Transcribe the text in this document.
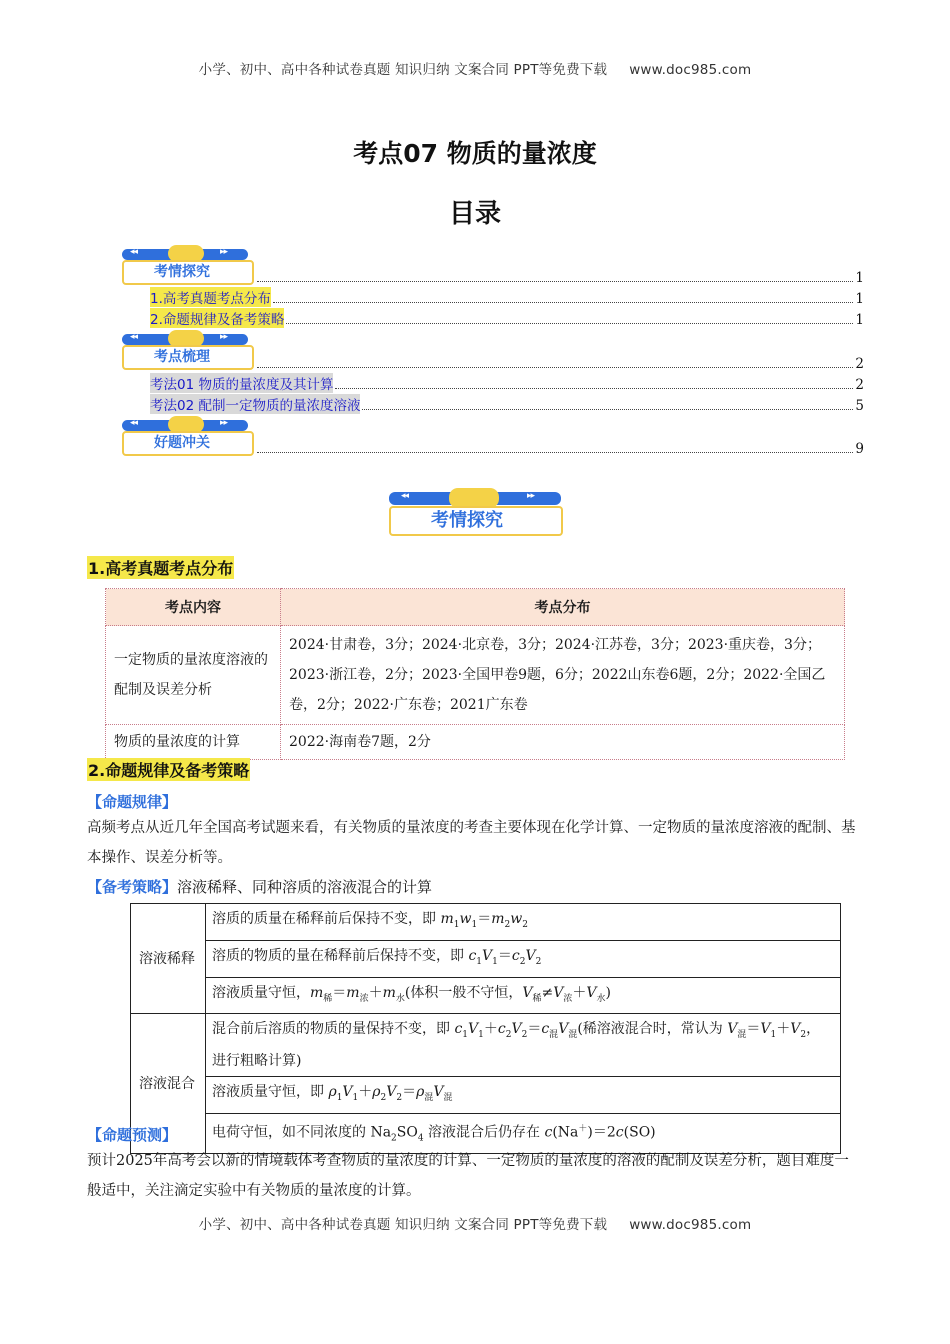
小学、初中、高中各种试卷真题 知识归纳 文案合同 PPT等免费下载 www.doc985.com
考点07 物质的量浓度
目录
◂◂	▸▸
考情探究	1
1.高考真题考点分布	1
2.命题规律及备考策略	1
◂◂	▸▸
考点梳理	2
考法01 物质的量浓度及其计算	2
考法02 配制一定物质的量浓度溶液	5
◂◂	▸▸
好题冲关	9
◂◂	▸▸
考情探究
1.高考真题考点分布
考点内容	考点分布
一定物质的量浓度溶液的配制及误差分析	2024·甘肃卷，3分；2024·北京卷，3分；2024·江苏卷，3分；2023·重庆卷，3分；2023·浙江卷，2分；2023·全国甲卷9题，6分；2022山东卷6题，2分；2022·全国乙卷，2分；2022·广东卷；2021广东卷
物质的量浓度的计算	2022·海南卷7题，2分
2.命题规律及备考策略
【命题规律】
高频考点从近几年全国高考试题来看，有关物质的量浓度的考查主要体现在化学计算、一定物质的量浓度溶液的配制、基本操作、误差分析等。
【备考策略】溶液稀释、同种溶质的溶液混合的计算
溶液稀释	溶质的质量在稀释前后保持不变，即 $m_1w_1=m_2w_2$
	溶质的物质的量在稀释前后保持不变，即 $c_1V_1=c_2V_2$
	溶液质量守恒，$m_稀=m_浓+m_水$(体积一般不守恒，$V_稀\ne V_浓+V_水$)
溶液混合	混合前后溶质的物质的量保持不变，即 $c_1V_1+c_2V_2=c_混V_混$(稀溶液混合时，常认为 $V_混=V_1+V_2$，进行粗略计算)
	溶液质量守恒，即 $\rho_1V_1+\rho_2V_2=\rho_混V_混$
	电荷守恒，如不同浓度的 $Na_2SO_4$ 溶液混合后仍存在 c(Na＋)＝2c(SO)
【命题预测】
预计2025年高考会以新的情境载体考查物质的量浓度的计算、一定物质的量浓度的溶液的配制及误差分析，题目难度一般适中，关注滴定实验中有关物质的量浓度的计算。
小学、初中、高中各种试卷真题 知识归纳 文案合同 PPT等免费下载 www.doc985.com
